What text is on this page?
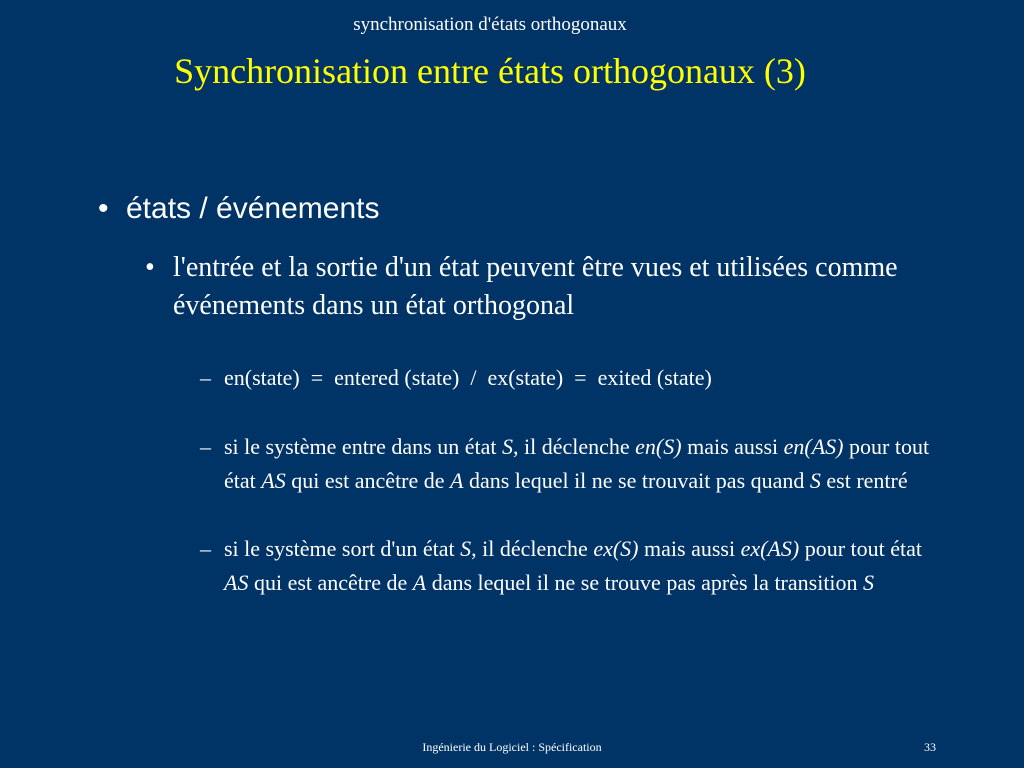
synchronisation d'états orthogonaux
Synchronisation entre états orthogonaux (3)
• états / événements
• l'entrée et la sortie d'un état peuvent être vues et utilisées comme événements dans un état orthogonal
– en(state)  =  entered (state)  /  ex(state)  =  exited (state)
– si le système entre dans un état S, il déclenche en(S) mais aussi en(AS) pour tout état AS qui est ancêtre de A dans lequel il ne se trouvait pas quand S est rentré
– si le système sort d'un état S, il déclenche ex(S) mais aussi ex(AS) pour tout état AS qui est ancêtre de A dans lequel il ne se trouve pas après la transition S
Ingénierie du Logiciel : Spécification	33
